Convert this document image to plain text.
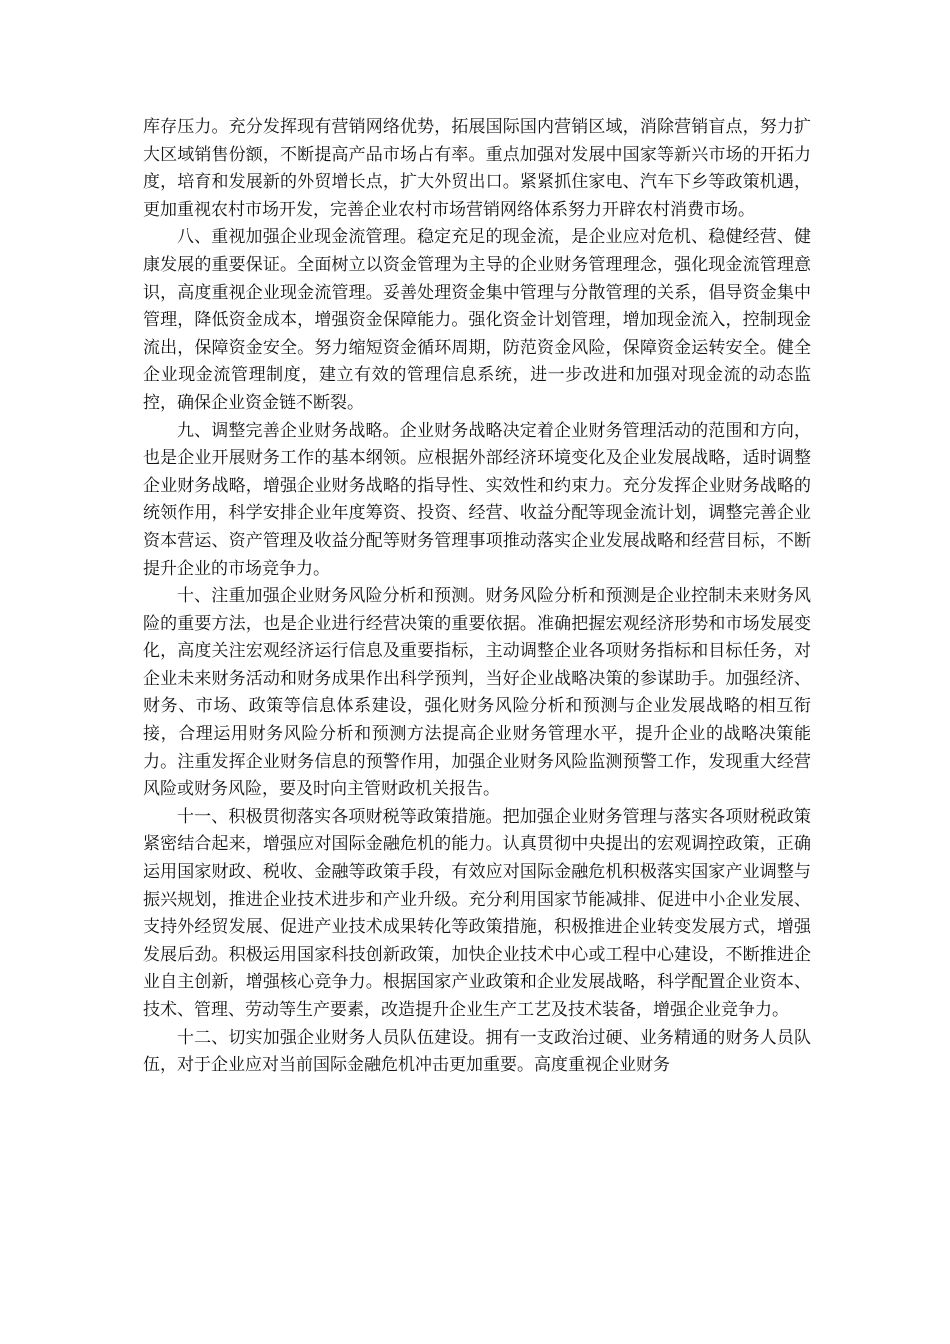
库存压力。充分发挥现有营销网络优势，拓展国际国内营销区域，消除营销盲点，努力扩大区域销售份额，不断提高产品市场占有率。重点加强对发展中国家等新兴市场的开拓力度，培育和发展新的外贸增长点，扩大外贸出口。紧紧抓住家电、汽车下乡等政策机遇，更加重视农村市场开发，完善企业农村市场营销网络体系努力开辟农村消费市场。

八、重视加强企业现金流管理。稳定充足的现金流，是企业应对危机、稳健经营、健康发展的重要保证。全面树立以资金管理为主导的企业财务管理理念，强化现金流管理意识，高度重视企业现金流管理。妥善处理资金集中管理与分散管理的关系，倡导资金集中管理，降低资金成本，增强资金保障能力。强化资金计划管理，增加现金流入，控制现金流出，保障资金安全。努力缩短资金循环周期，防范资金风险，保障资金运转安全。健全企业现金流管理制度，建立有效的管理信息系统，进一步改进和加强对现金流的动态监控，确保企业资金链不断裂。

九、调整完善企业财务战略。企业财务战略决定着企业财务管理活动的范围和方向，也是企业开展财务工作的基本纲领。应根据外部经济环境变化及企业发展战略，适时调整企业财务战略，增强企业财务战略的指导性、实效性和约束力。充分发挥企业财务战略的统领作用，科学安排企业年度筹资、投资、经营、收益分配等现金流计划，调整完善企业资本营运、资产管理及收益分配等财务管理事项推动落实企业发展战略和经营目标，不断提升企业的市场竞争力。

十、注重加强企业财务风险分析和预测。财务风险分析和预测是企业控制未来财务风险的重要方法，也是企业进行经营决策的重要依据。准确把握宏观经济形势和市场发展变化，高度关注宏观经济运行信息及重要指标，主动调整企业各项财务指标和目标任务，对企业未来财务活动和财务成果作出科学预判，当好企业战略决策的参谋助手。加强经济、财务、市场、政策等信息体系建设，强化财务风险分析和预测与企业发展战略的相互衔接，合理运用财务风险分析和预测方法提高企业财务管理水平，提升企业的战略决策能力。注重发挥企业财务信息的预警作用，加强企业财务风险监测预警工作，发现重大经营风险或财务风险，要及时向主管财政机关报告。

十一、积极贯彻落实各项财税等政策措施。把加强企业财务管理与落实各项财税政策紧密结合起来，增强应对国际金融危机的能力。认真贯彻中央提出的宏观调控政策，正确运用国家财政、税收、金融等政策手段，有效应对国际金融危机积极落实国家产业调整与振兴规划，推进企业技术进步和产业升级。充分利用国家节能减排、促进中小企业发展、支持外经贸发展、促进产业技术成果转化等政策措施，积极推进企业转变发展方式，增强发展后劲。积极运用国家科技创新政策，加快企业技术中心或工程中心建设，不断推进企业自主创新，增强核心竞争力。根据国家产业政策和企业发展战略，科学配置企业资本、技术、管理、劳动等生产要素，改造提升企业生产工艺及技术装备，增强企业竞争力。

十二、切实加强企业财务人员队伍建设。拥有一支政治过硬、业务精通的财务人员队伍，对于企业应对当前国际金融危机冲击更加重要。高度重视企业财务
